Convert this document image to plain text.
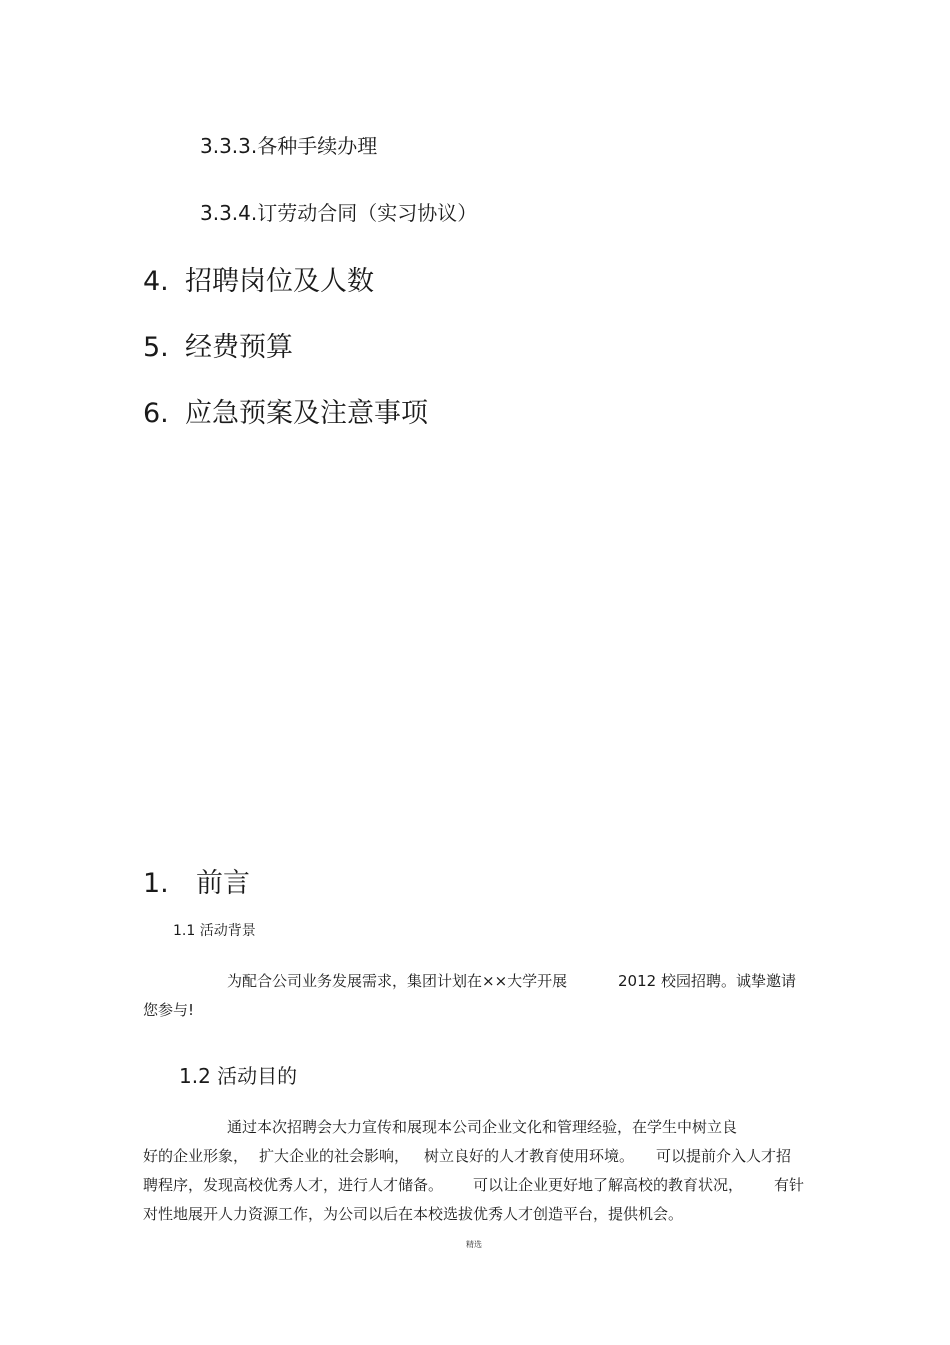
3.3.3.各种手续办理
3.3.4.订劳动合同（实习协议）
4. 招聘岗位及人数
5. 经费预算
6. 应急预案及注意事项
1. 前言
1.1 活动背景
为配合公司业务发展需求，集团计划在××大学开展	2012 校园招聘。诚挚邀请
您参与!
1.2 活动目的
通过本次招聘会大力宣传和展现本公司企业文化和管理经验，在学生中树立良
好的企业形象， 扩大企业的社会影响， 树立良好的人才教育使用环境。 可以提前介入人才招
聘程序，发现高校优秀人才，进行人才储备。 可以让企业更好地了解高校的教育状况， 有针
对性地展开人力资源工作，为公司以后在本校选拔优秀人才创造平台，提供机会。
精选
